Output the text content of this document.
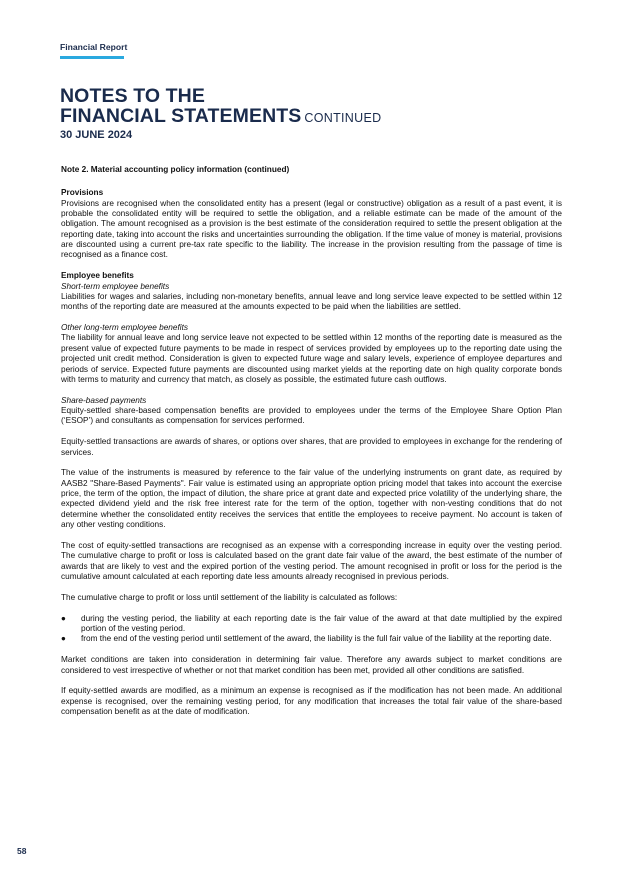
Financial Report
NOTES TO THE
FINANCIAL STATEMENTS CONTINUED
30 JUNE 2024

Note 2. Material accounting policy information (continued)

Provisions

Provisions are recognised when the consolidated entity has a present (legal or constructive) obligation as a result of a past event, it is probable the consolidated entity will be required to settle the obligation, and a reliable estimate can be made of the amount of the obligation. The amount recognised as a provision is the best estimate of the consideration required to settle the present obligation at the reporting date, taking into account the risks and uncertainties surrounding the obligation. If the time value of money is material, provisions are discounted using a current pre-tax rate specific to the liability. The increase in the provision resulting from the passage of time is recognised as a finance cost.

Employee benefits

Short-term employee benefits

Liabilities for wages and salaries, including non-monetary benefits, annual leave and long service leave expected to be settled within 12 months of the reporting date are measured at the amounts expected to be paid when the liabilities are settled.

Other long-term employee benefits

The liability for annual leave and long service leave not expected to be settled within 12 months of the reporting date is measured as the present value of expected future payments to be made in respect of services provided by employees up to the reporting date using the projected unit credit method. Consideration is given to expected future wage and salary levels, experience of employee departures and periods of service. Expected future payments are discounted using market yields at the reporting date on high quality corporate bonds with terms to maturity and currency that match, as closely as possible, the estimated future cash outflows.

Share-based payments

Equity-settled share-based compensation benefits are provided to employees under the terms of the Employee Share Option Plan (‘ESOP’) and consultants as compensation for services performed.

Equity-settled transactions are awards of shares, or options over shares, that are provided to employees in exchange for the rendering of services.

The value of the instruments is measured by reference to the fair value of the underlying instruments on grant date, as required by AASB2 "Share-Based Payments". Fair value is estimated using an appropriate option pricing model that takes into account the exercise price, the term of the option, the impact of dilution, the share price at grant date and expected price volatility of the underlying share, the expected dividend yield and the risk free interest rate for the term of the option, together with non-vesting conditions that do not determine whether the consolidated entity receives the services that entitle the employees to receive payment. No account is taken of any other vesting conditions.

The cost of equity-settled transactions are recognised as an expense with a corresponding increase in equity over the vesting period. The cumulative charge to profit or loss is calculated based on the grant date fair value of the award, the best estimate of the number of awards that are likely to vest and the expired portion of the vesting period. The amount recognised in profit or loss for the period is the cumulative amount calculated at each reporting date less amounts already recognised in previous periods.

The cumulative charge to profit or loss until settlement of the liability is calculated as follows:

● during the vesting period, the liability at each reporting date is the fair value of the award at that date multiplied by the expired portion of the vesting period.
● from the end of the vesting period until settlement of the award, the liability is the full fair value of the liability at the reporting date.

Market conditions are taken into consideration in determining fair value. Therefore any awards subject to market conditions are considered to vest irrespective of whether or not that market condition has been met, provided all other conditions are satisfied.

If equity-settled awards are modified, as a minimum an expense is recognised as if the modification has not been made. An additional expense is recognised, over the remaining vesting period, for any modification that increases the total fair value of the share-based compensation benefit as at the date of modification.

58
